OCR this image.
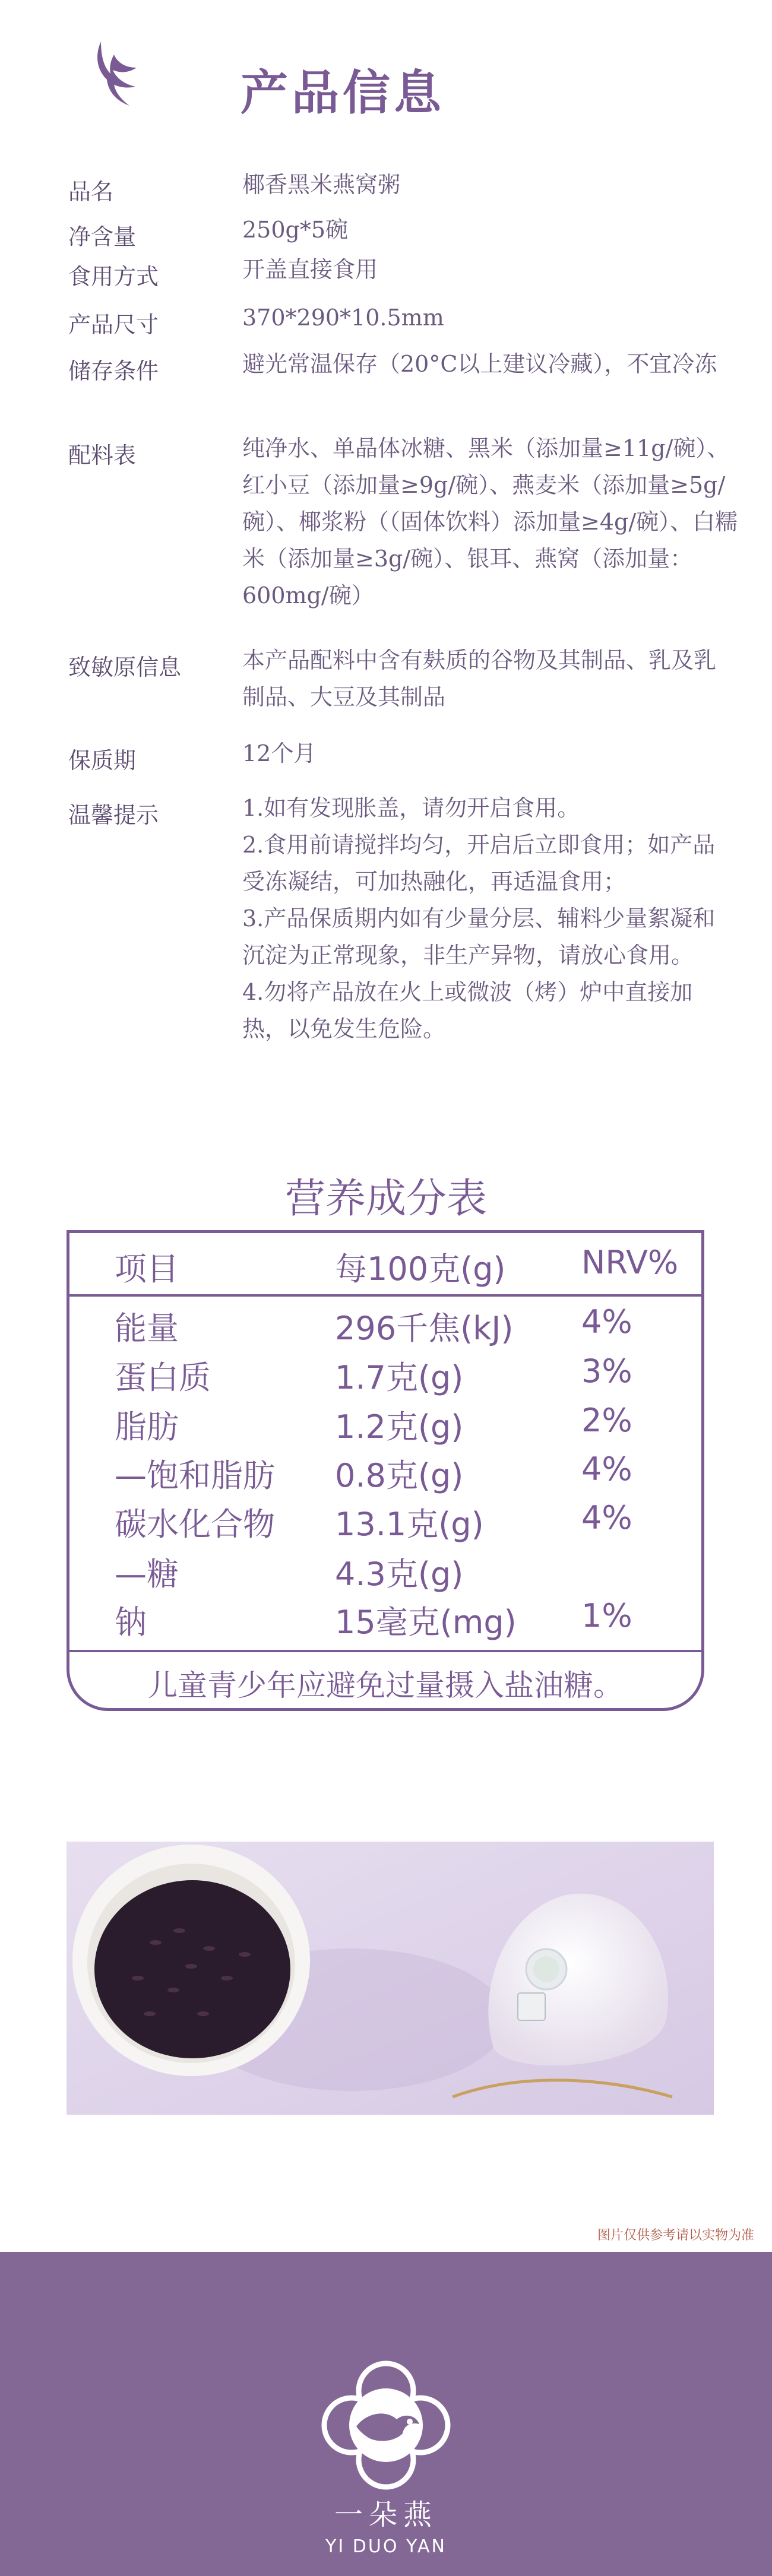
产品信息
品名	椰香黑米燕窝粥
净含量	250g*5碗
食用方式	开盖直接食用
产品尺寸	370*290*10.5mm
储存条件	避光常温保存（20°C以上建议冷藏），不宜冷冻
配料表	纯净水、单晶体冰糖、黑米（添加量≥11g/碗）、红小豆（添加量≥9g/碗）、燕麦米（添加量≥5g/碗）、椰浆粉（（固体饮料）添加量≥4g/碗）、白糯米（添加量≥3g/碗）、银耳、燕窝（添加量：600mg/碗）
致敏原信息	本产品配料中含有麸质的谷物及其制品、乳及乳制品、大豆及其制品
保质期	12个月
温馨提示	1.如有发现胀盖，请勿开启食用。
2.食用前请搅拌均匀，开启后立即食用；如产品受冻凝结，可加热融化，再适温食用；
3.产品保质期内如有少量分层、辅料少量絮凝和沉淀为正常现象，非生产异物，请放心食用。
4.勿将产品放在火上或微波（烤）炉中直接加热，以免发生危险。
营养成分表
项目	每100克(g) NRV%
能量	296千焦(kJ) 4%
蛋白质	1.7克(g)	3%
脂肪	1.2克(g)	2%
—饱和脂肪 0.8克(g)	4%
碳水化合物 13.1克(g)	4%
—糖	4.3克(g)
钠	15毫克(mg) 1%
儿童青少年应避免过量摄入盐油糖。
图片仅供参考请以实物为准
一朵燕
YI DUO YAN
